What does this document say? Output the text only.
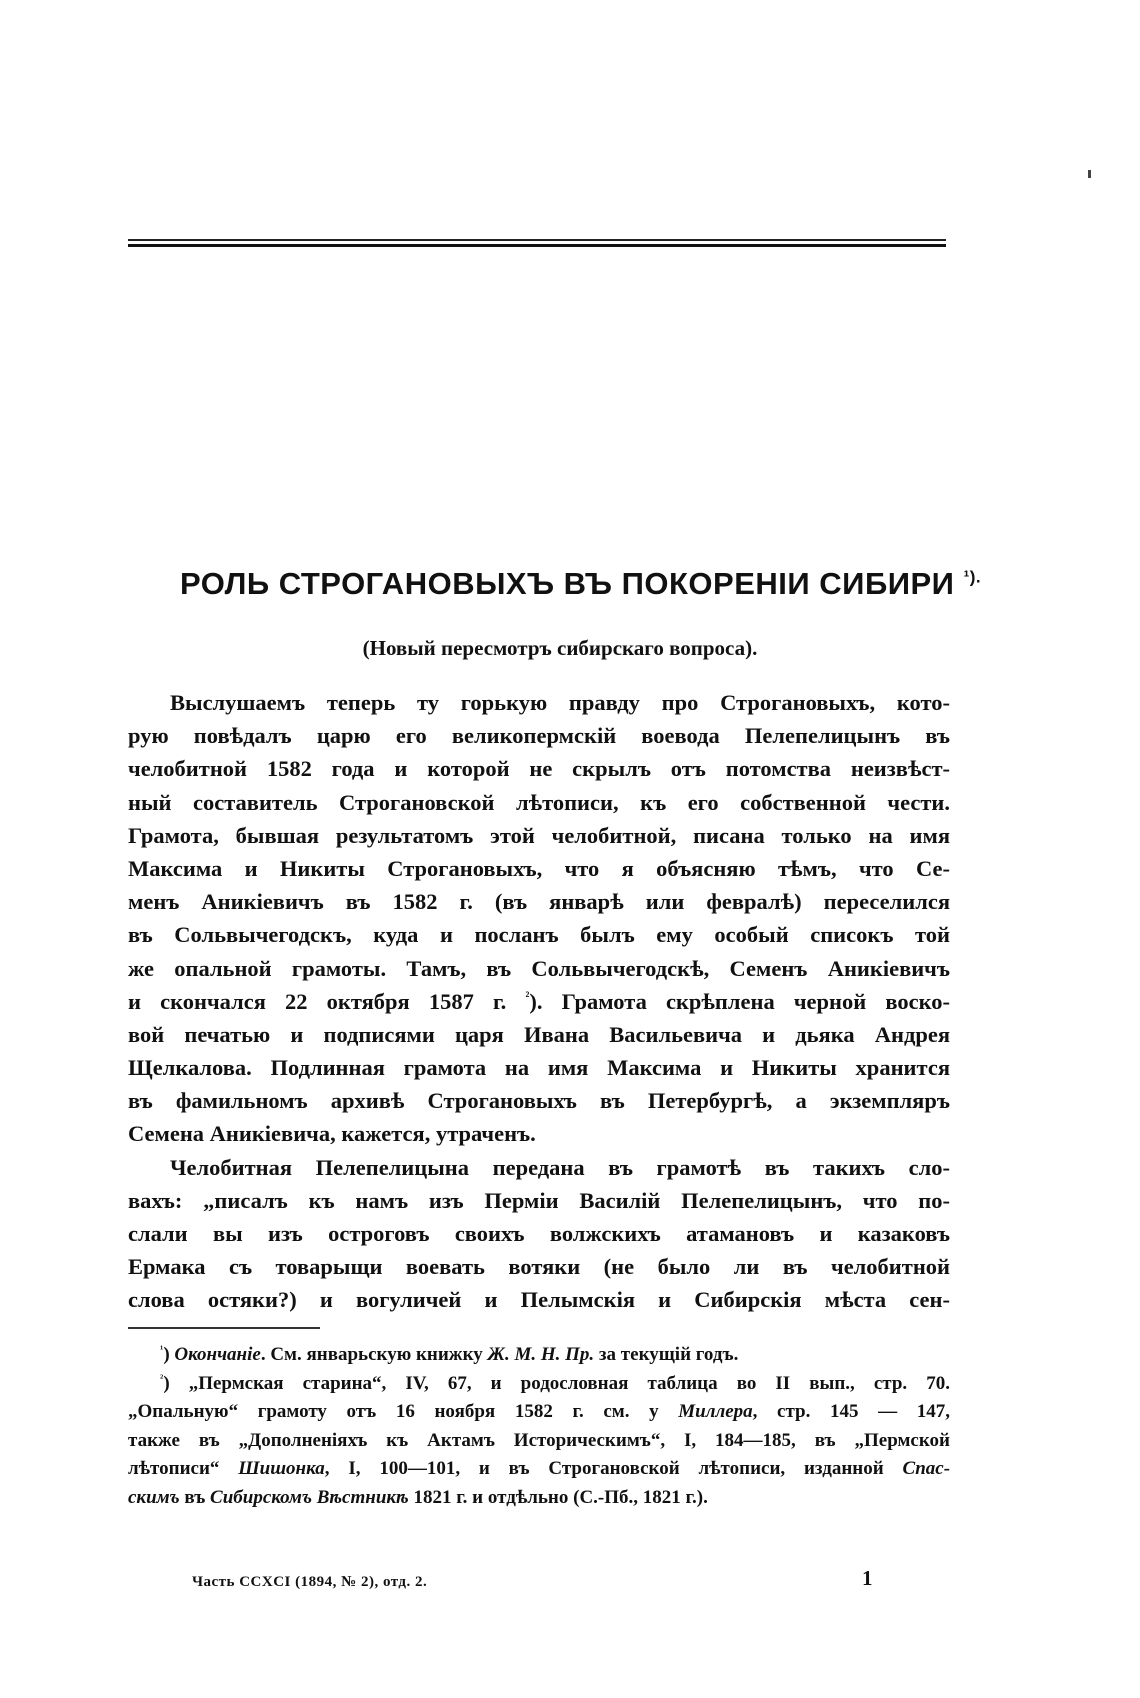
РОЛЬ СТРОГАНОВЫХЪ ВЪ ПОКОРЕНІИ СИБИРИ $^{^1).}$
(Новый пересмотръ сибирскаго вопроса).
Выслушаемъ теперь ту горькую правду про Строгановыхъ, кото-
рую повѣдалъ царю его великопермскій воевода Пелепелицынъ въ
челобитной 1582 года и которой не скрылъ отъ потомства неизвѣст-
ный составитель Строгановской лѣтописи, къ его собственной чести.
Грамота, бывшая результатомъ этой челобитной, писана только на имя
Максима и Никиты Строгановыхъ, что я объясняю тѣмъ, что Се-
менъ Аникіевичъ въ 1582 г. (въ январѣ или февралѣ) переселился
въ Сольвычегодскъ, куда и посланъ былъ ему особый списокъ той
же опальной грамоты. Тамъ, въ Сольвычегодскѣ, Семенъ Аникіевичъ
и скончался 22 октября 1587 г. $^{^2}$). Грамота скрѣплена черной воско-
вой печатью и подписями царя Ивана Васильевича и дьяка Андрея
Щелкалова. Подлинная грамота на имя Максима и Никиты хранится
въ фамильномъ архивѣ Строгановыхъ въ Петербургѣ, а экземпляръ
Семена Аникіевича, кажется, утраченъ.
Челобитная Пелепелицына передана въ грамотѣ въ такихъ сло-
вахъ: „писалъ къ намъ изъ Перміи Василій Пелепелицынъ, что по-
слали вы изъ остроговъ своихъ волжскихъ атамановъ и казаковъ
Ермака съ товарыщи воевать вотяки (не было ли въ челобитной
слова остяки?) и вогуличей и Пелымскія и Сибирскія мѣста сен-
$^{^1}$) Окончаніе. См. январьскую книжку Ж. М. Н. Пр. за текущій годъ.
$^{^2}$) „Пермская старина“, IV, 67, и родословная таблица во II вып., стр. 70.
„Опальную“ грамоту отъ 16 ноября 1582 г. см. у Миллера, стр. 145 — 147,
также въ „Дополненіяхъ къ Актамъ Историческимъ“, I, 184—185, въ „Пермской
лѣтописи“ Шишонка, I, 100—101, и въ Строгановской лѣтописи, изданной Спас-
скимъ въ Сибирскомъ Вѣстникѣ 1821 г. и отдѣльно (С.-Пб., 1821 г.).
Часть CCXCI (1894, № 2), отд. 2.	1
